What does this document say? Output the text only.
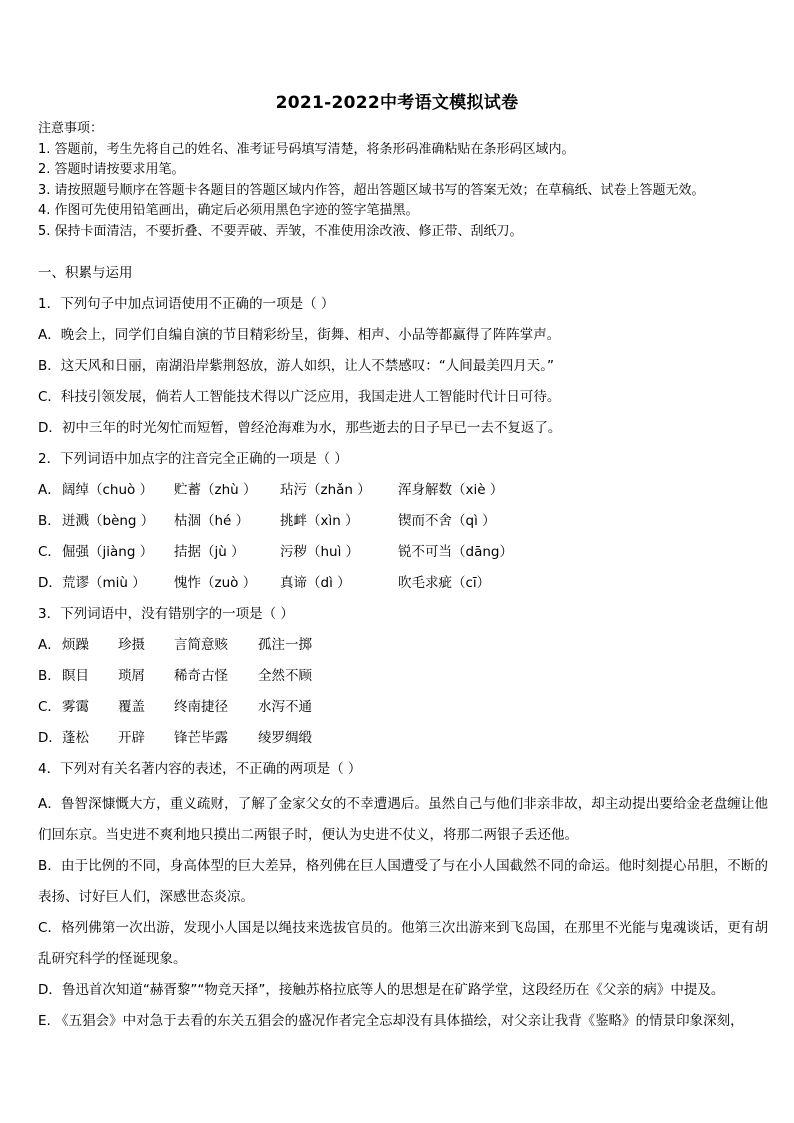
2021-2022中考语文模拟试卷
注意事项：
1. 答题前，考生先将自己的姓名、准考证号码填写清楚，将条形码准确粘贴在条形码区域内。
2. 答题时请按要求用笔。
3. 请按照题号顺序在答题卡各题目的答题区域内作答，超出答题区域书写的答案无效；在草稿纸、试卷上答题无效。
4. 作图可先使用铅笔画出，确定后必须用黑色字迹的签字笔描黑。
5. 保持卡面清洁，不要折叠、不要弄破、弄皱，不准使用涂改液、修正带、刮纸刀。
一、积累与运用
1．下列句子中加点词语使用不正确的一项是（ ）
A．晚会上，同学们自编自演的节目精彩纷呈，街舞、相声、小品等都赢得了阵阵掌声。
B．这天风和日丽，南湖沿岸紫荆怒放，游人如织，让人不禁感叹：“人间最美四月天。”
C．科技引领发展，倘若人工智能技术得以广泛应用，我国走进人工智能时代计日可待。
D．初中三年的时光匆忙而短暂，曾经沧海难为水，那些逝去的日子早已一去不复返了。
2．下列词语中加点字的注音完全正确的一项是（ ）
A． 阔绰（chuò ） 贮蓄（zhù ） 玷污（zhǎn ） 浑身解数（xiè ）
B． 迸溅（bèng ） 枯涸（hé ） 挑衅（xìn ）	锲而不舍（qì ）
C． 倔强（jiàng ） 拮据（jù ）	污秽（huì ）	锐不可当（dāng）
D． 荒谬（miù ） 愧怍（zuò ） 真谛（dì ）	吹毛求疵（cī）
3．下列词语中，没有错别字的一项是（ ）
A． 烦躁 珍摄 言简意赅 孤注一掷
B． 瞑目 琐屑 稀奇古怪 全然不顾
C． 雾霭 覆盖 终南捷径 水泻不通
D． 蓬松 开辟 锋芒毕露 绫罗绸缎
4．下列对有关名著内容的表述，不正确的两项是（ ）
A．鲁智深慷慨大方，重义疏财，了解了金家父女的不幸遭遇后。虽然自己与他们非亲非故，却主动提出要给金老盘缠让他们回东京。当史进不爽利地只摸出二两银子时，便认为史进不仗义，将那二两银子丢还他。
B．由于比例的不同，身高体型的巨大差异，格列佛在巨人国遭受了与在小人国截然不同的命运。他时刻提心吊胆，不断的表扬、讨好巨人们，深感世态炎凉。
C．格列佛第一次出游，发现小人国是以绳技来选拔官员的。他第三次出游来到飞岛国，在那里不光能与鬼魂谈话，更有胡乱研究科学的怪诞现象。
D．鲁迅首次知道“赫胥黎”“物竞天择”，接触苏格拉底等人的思想是在矿路学堂，这段经历在《父亲的病》中提及。
E. 《五猖会》中对急于去看的东关五猖会的盛况作者完全忘却没有具体描绘，对父亲让我背《鉴略》的情景印象深刻，
